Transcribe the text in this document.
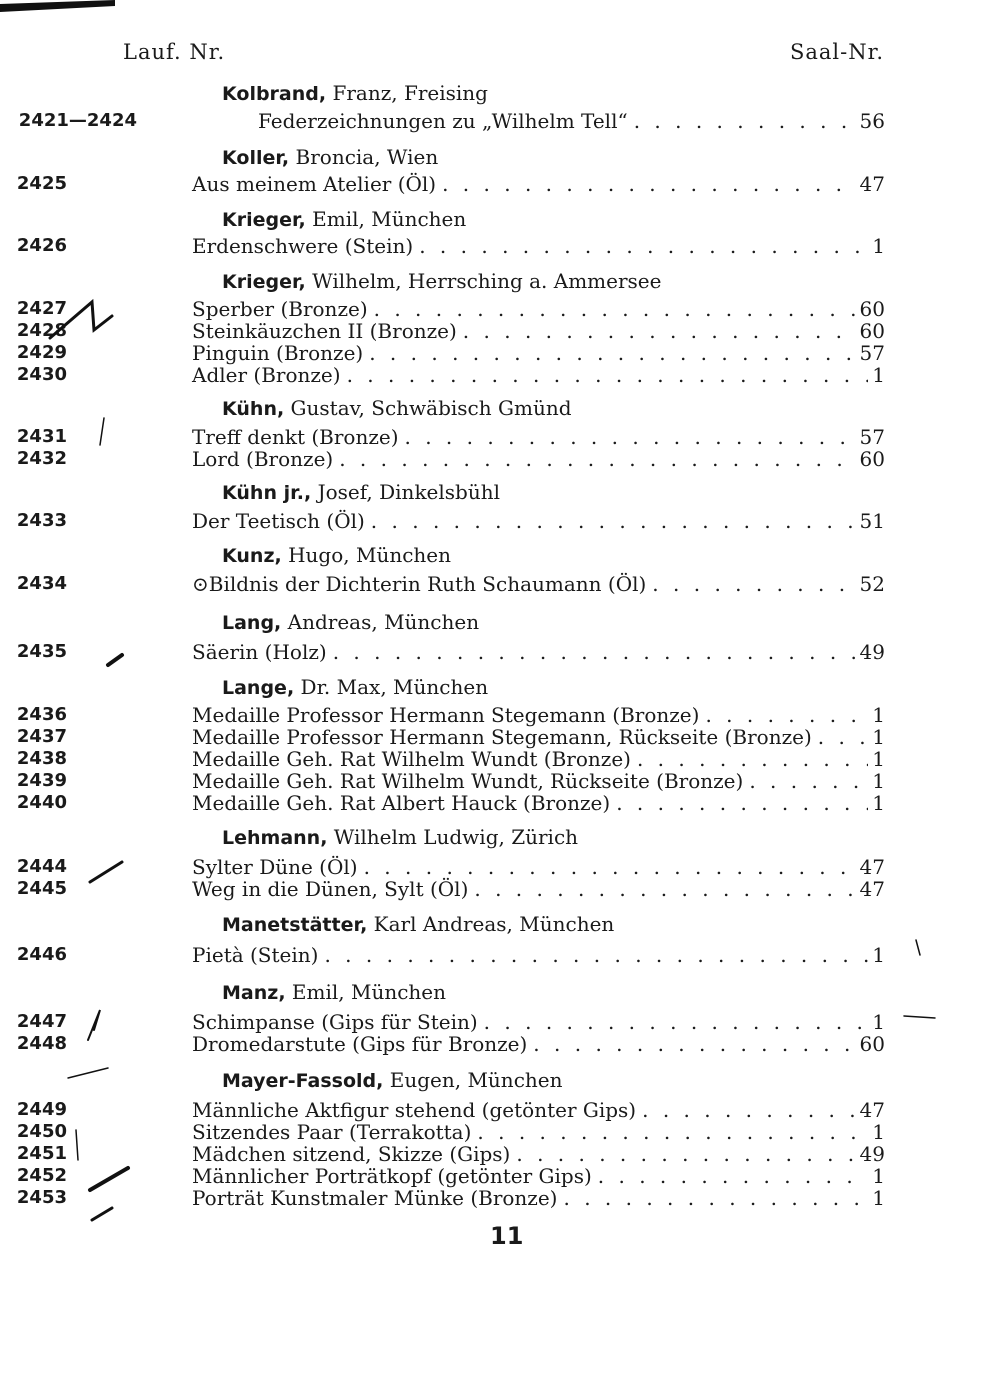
Lauf. Nr.	Saal-Nr.
Kolbrand, Franz, Freising
2421—2424	Federzeichnungen zu „Wilhelm Tell“ . . .	56
Koller, Broncia, Wien
2425	Aus meinem Atelier (Öl) . . .	47
Krieger, Emil, München
2426	Erdenschwere (Stein) . . .	1
Krieger, Wilhelm, Herrsching a. Ammersee
2427	Sperber (Bronze) . . .	60
2428	Steinkäuzchen II (Bronze) . . .	60
2429	Pinguin (Bronze) . . .	57
2430	Adler (Bronze) . . .	1
Kühn, Gustav, Schwäbisch Gmünd
2431	Treff denkt (Bronze) . . .	57
2432	Lord (Bronze) . . .	60
Kühn jr., Josef, Dinkelsbühl
2433	Der Teetisch (Öl) . . .	51
Kunz, Hugo, München
2434	⊙Bildnis der Dichterin Ruth Schaumann (Öl) . . .	52
Lang, Andreas, München
2435	Säerin (Holz) . . .	49
Lange, Dr. Max, München
2436	Medaille Professor Hermann Stegemann (Bronze) . . .	1
2437	Medaille Professor Hermann Stegemann, Rückseite (Bronze) . . .	1
2438	Medaille Geh. Rat Wilhelm Wundt (Bronze) . . .	1
2439	Medaille Geh. Rat Wilhelm Wundt, Rückseite (Bronze) . . .	1
2440	Medaille Geh. Rat Albert Hauck (Bronze) . . .	1
Lehmann, Wilhelm Ludwig, Zürich
2444	Sylter Düne (Öl) . . .	47
2445	Weg in die Dünen, Sylt (Öl) . . .	47
Manetstätter, Karl Andreas, München
2446	Pietà (Stein) . . .	1
Manz, Emil, München
2447	Schimpanse (Gips für Stein) . . .	1
2448	Dromedarstute (Gips für Bronze) . . .	60
Mayer-Fassold, Eugen, München
2449	Männliche Aktfigur stehend (getönter Gips) . . .	47
2450	Sitzendes Paar (Terrakotta) . . .	1
2451	Mädchen sitzend, Skizze (Gips) . . .	49
2452	Männlicher Porträtkopf (getönter Gips) . . .	1
2453	Porträt Kunstmaler Münke (Bronze) . . .	1
11
